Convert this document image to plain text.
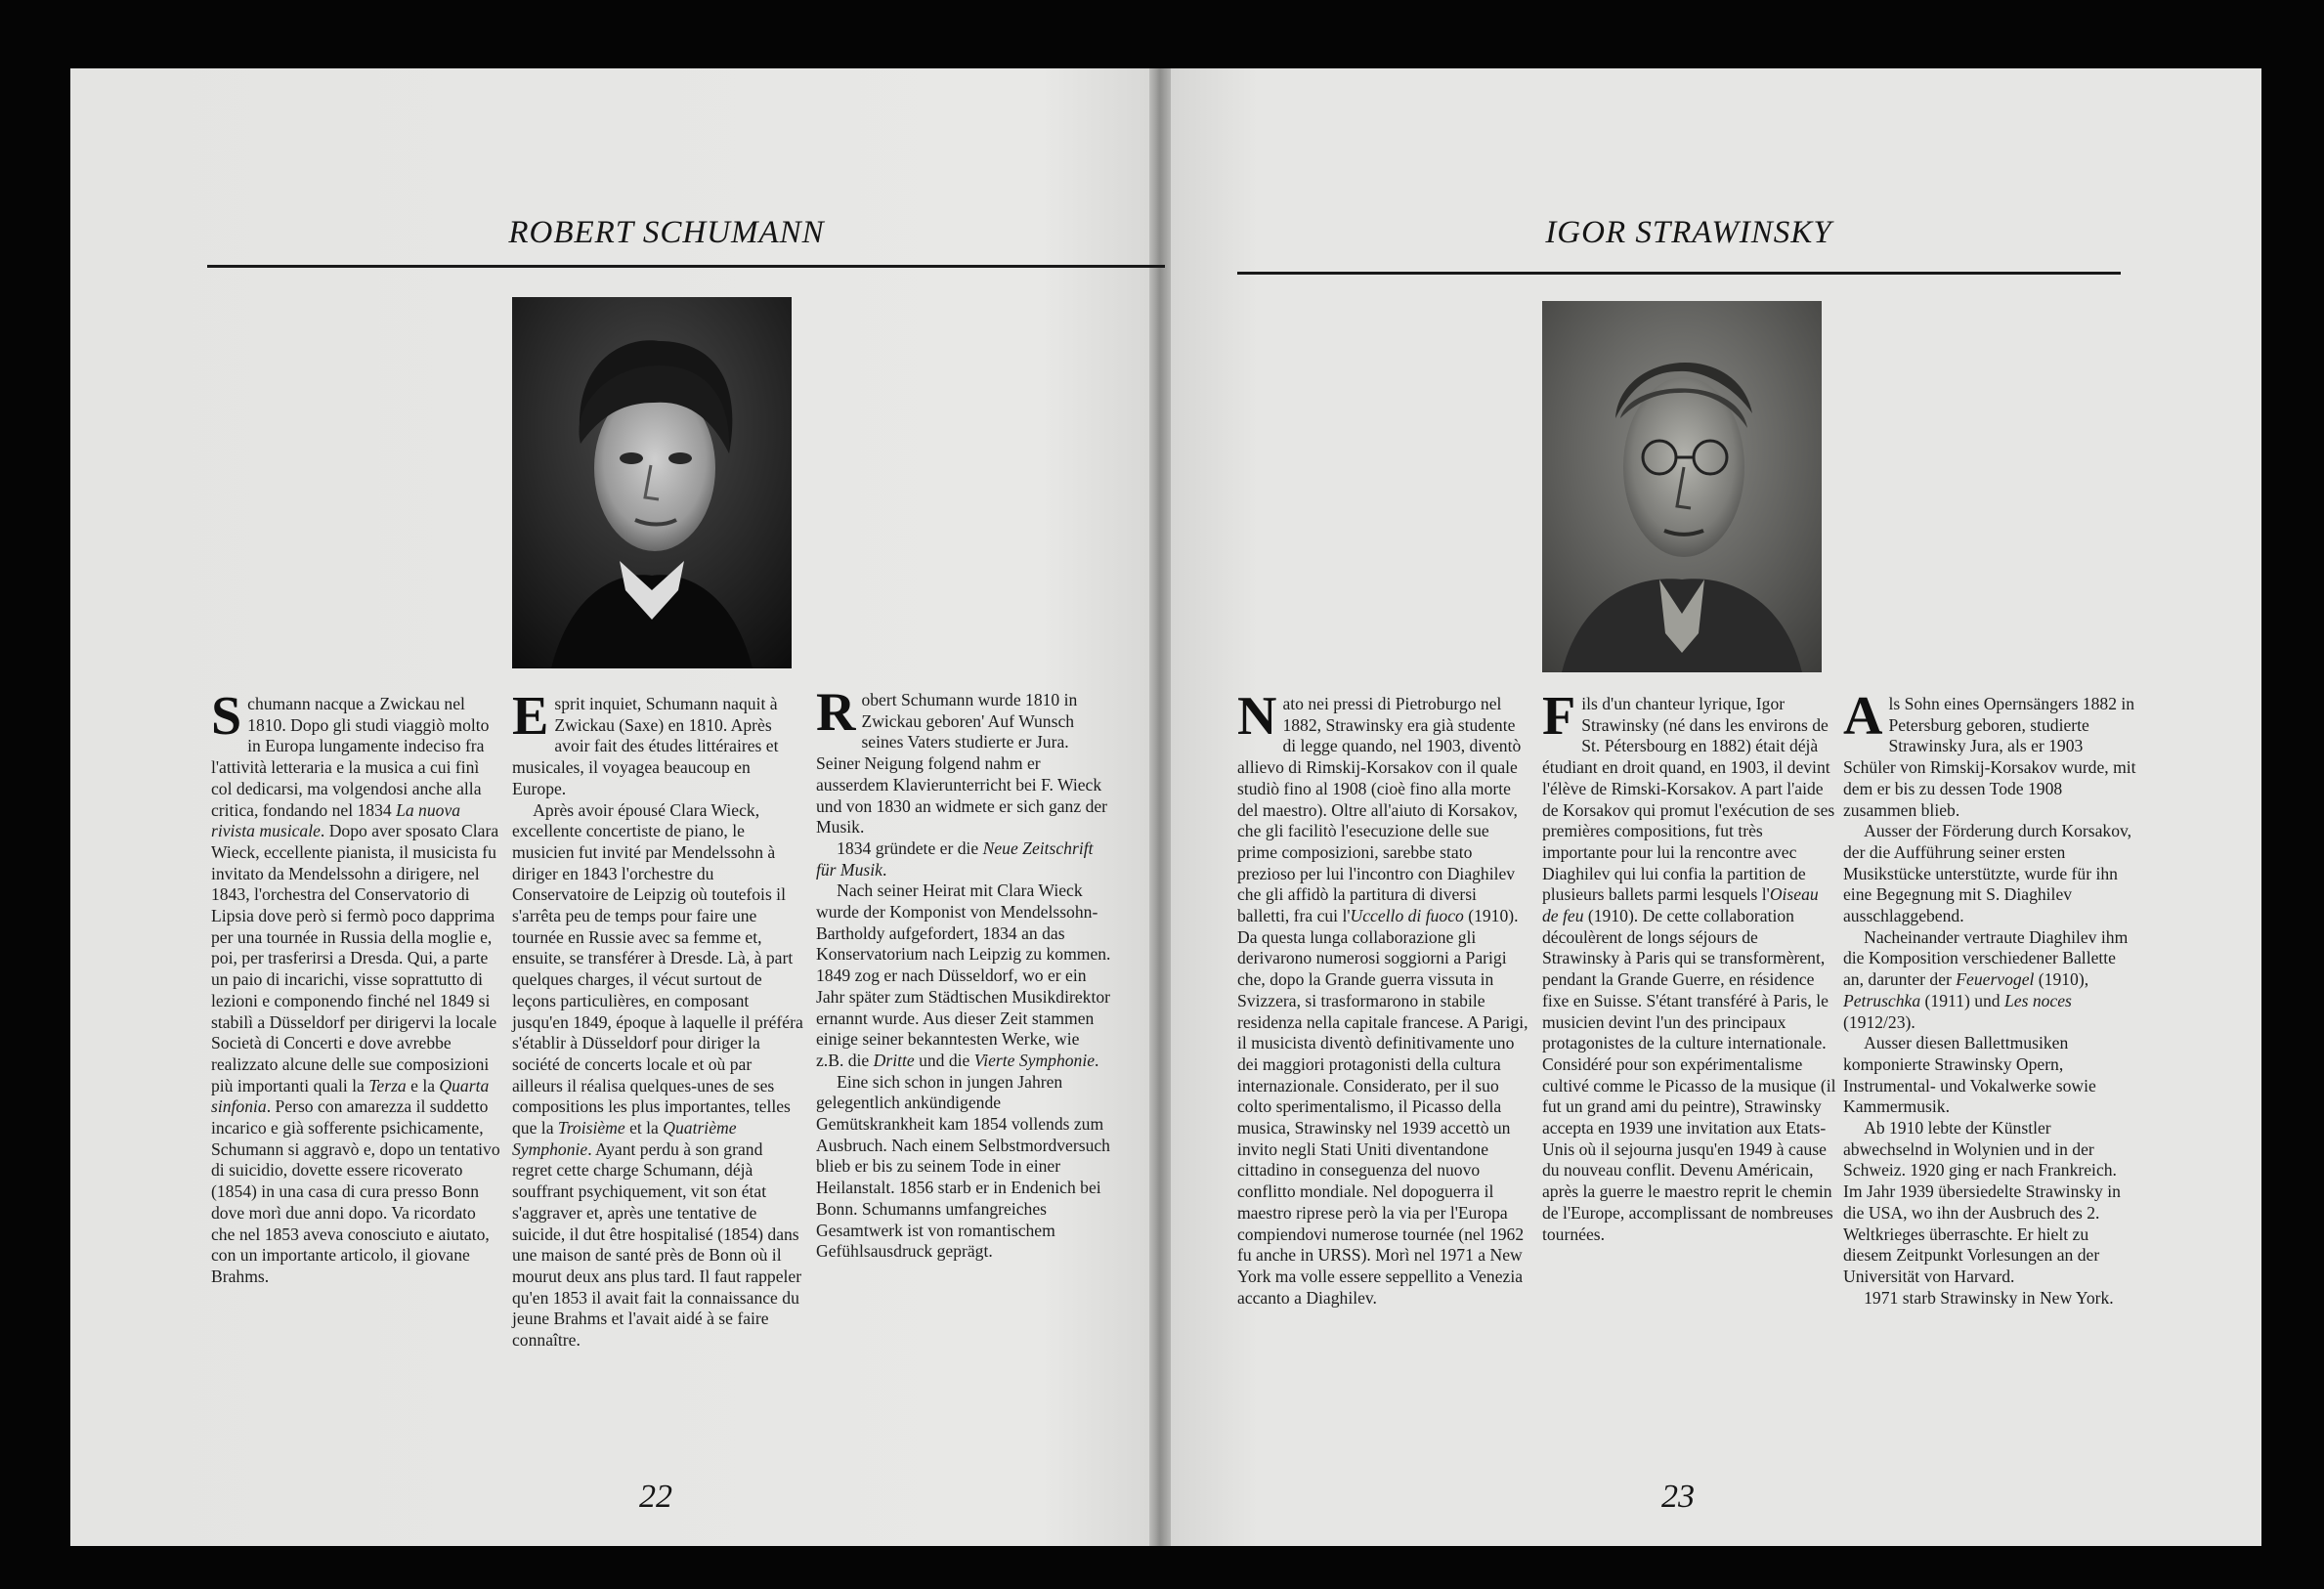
ROBERT SCHUMANN

Schumann nacque a Zwickau nel 1810. Dopo gli studi viaggiò molto in Europa lungamente indeciso fra l'attività letteraria e la musica a cui finì col dedicarsi, ma volgendosi anche alla critica, fondando nel 1834 La nuova rivista musicale. Dopo aver sposato Clara Wieck, eccellente pianista, il musicista fu invitato da Mendelssohn a dirigere, nel 1843, l'orchestra del Conservatorio di Lipsia dove però si fermò poco dapprima per una tournée in Russia della moglie e, poi, per trasferirsi a Dresda. Qui, a parte un paio di incarichi, visse soprattutto di lezioni e componendo finché nel 1849 si stabilì a Düsseldorf per dirigervi la locale Società di Concerti e dove avrebbe realizzato alcune delle sue composizioni più importanti quali la Terza e la Quarta sinfonia. Perso con amarezza il suddetto incarico e già sofferente psichicamente, Schumann si aggravò e, dopo un tentativo di suicidio, dovette essere ricoverato (1854) in una casa di cura presso Bonn dove morì due anni dopo. Va ricordato che nel 1853 aveva conosciuto e aiutato, con un importante articolo, il giovane Brahms.

Esprit inquiet, Schumann naquit à Zwickau (Saxe) en 1810. Après avoir fait des études littéraires et musicales, il voyagea beaucoup en Europe.

Après avoir épousé Clara Wieck, excellente concertiste de piano, le musicien fut invité par Mendelssohn à diriger en 1843 l'orchestre du Conservatoire de Leipzig où toutefois il s'arrêta peu de temps pour faire une tournée en Russie avec sa femme et, ensuite, se transférer à Dresde. Là, à part quelques charges, il vécut surtout de leçons particulières, en composant jusqu'en 1849, époque à laquelle il préféra s'établir à Düsseldorf pour diriger la société de concerts locale et où par ailleurs il réalisa quelques-unes de ses compositions les plus importantes, telles que la Troisième et la Quatrième Symphonie. Ayant perdu à son grand regret cette charge Schumann, déjà souffrant psychiquement, vit son état s'aggraver et, après une tentative de suicide, il dut être hospitalisé (1854) dans une maison de santé près de Bonn où il mourut deux ans plus tard. Il faut rappeler qu'en 1853 il avait fait la connaissance du jeune Brahms et l'avait aidé à se faire connaître.

Robert Schumann wurde 1810 in Zwickau geboren' Auf Wunsch seines Vaters studierte er Jura. Seiner Neigung folgend nahm er ausserdem Klavierunterricht bei F. Wieck und von 1830 an widmete er sich ganz der Musik.

1834 gründete er die Neue Zeitschrift für Musik.

Nach seiner Heirat mit Clara Wieck wurde der Komponist von Mendelssohn- Bartholdy aufgefordert, 1834 an das Konservatorium nach Leipzig zu kommen. 1849 zog er nach Düsseldorf, wo er ein Jahr später zum Städtischen Musikdirektor ernannt wurde. Aus dieser Zeit stammen einige seiner bekanntesten Werke, wie z.B. die Dritte und die Vierte Symphonie.

Eine sich schon in jungen Jahren gelegentlich ankündigende Gemütskrankheit kam 1854 vollends zum Ausbruch. Nach einem Selbstmordversuch blieb er bis zu seinem Tode in einer Heilanstalt. 1856 starb er in Endenich bei Bonn. Schumanns umfangreiches Gesamtwerk ist von romantischem Gefühlsausdruck geprägt.

22
IGOR STRAWINSKY

Nato nei pressi di Pietroburgo nel 1882, Strawinsky era già studente di legge quando, nel 1903, diventò allievo di Rimskij-Korsakov con il quale studiò fino al 1908 (cioè fino alla morte del maestro). Oltre all'aiuto di Korsakov, che gli facilitò l'esecuzione delle sue prime composizioni, sarebbe stato prezioso per lui l'incontro con Diaghilev che gli affidò la partitura di diversi balletti, fra cui l'Uccello di fuoco (1910). Da questa lunga collaborazione gli derivarono numerosi soggiorni a Parigi che, dopo la Grande guerra vissuta in Svizzera, si trasformarono in stabile residenza nella capitale francese. A Parigi, il musicista diventò definitivamente uno dei maggiori protagonisti della cultura internazionale. Considerato, per il suo colto sperimentalismo, il Picasso della musica, Strawinsky nel 1939 accettò un invito negli Stati Uniti diventandone cittadino in conseguenza del nuovo conflitto mondiale. Nel dopoguerra il maestro riprese però la via per l'Europa compiendovi numerose tournée (nel 1962 fu anche in URSS). Morì nel 1971 a New York ma volle essere seppellito a Venezia accanto a Diaghilev.

Fils d'un chanteur lyrique, Igor Strawinsky (né dans les environs de St. Pétersbourg en 1882) était déjà étudiant en droit quand, en 1903, il devint l'élève de Rimski-Korsakov. A part l'aide de Korsakov qui promut l'exécution de ses premières compositions, fut très importante pour lui la rencontre avec Diaghilev qui lui confia la partition de plusieurs ballets parmi lesquels l'Oiseau de feu (1910). De cette collaboration découlèrent de longs séjours de Strawinsky à Paris qui se transformèrent, pendant la Grande Guerre, en résidence fixe en Suisse. S'étant transféré à Paris, le musicien devint l'un des principaux protagonistes de la culture internationale. Considéré pour son expérimentalisme cultivé comme le Picasso de la musique (il fut un grand ami du peintre), Strawinsky accepta en 1939 une invitation aux Etats-Unis où il sejourna jusqu'en 1949 à cause du nouveau conflit. Devenu Américain, après la guerre le maestro reprit le chemin de l'Europe, accomplissant de nombreuses tournées.

Als Sohn eines Opernsängers 1882 in Petersburg geboren, studierte Strawinsky Jura, als er 1903 Schüler von Rimskij-Korsakov wurde, mit dem er bis zu dessen Tode 1908 zusammen blieb.

Ausser der Förderung durch Korsakov, der die Aufführung seiner ersten Musikstücke unterstützte, wurde für ihn eine Begegnung mit S. Diaghilev ausschlaggebend.

Nacheinander vertraute Diaghilev ihm die Komposition verschiedener Ballette an, darunter der Feuervogel (1910), Petruschka (1911) und Les noces (1912/23).

Ausser diesen Ballettmusiken komponierte Strawinsky Opern, Instrumental- und Vokalwerke sowie Kammermusik.

Ab 1910 lebte der Künstler abwechselnd in Wolynien und in der Schweiz. 1920 ging er nach Frankreich. Im Jahr 1939 übersiedelte Strawinsky in die USA, wo ihn der Ausbruch des 2. Weltkrieges überraschte. Er hielt zu diesem Zeitpunkt Vorlesungen an der Universität von Harvard.

1971 starb Strawinsky in New York.

23
